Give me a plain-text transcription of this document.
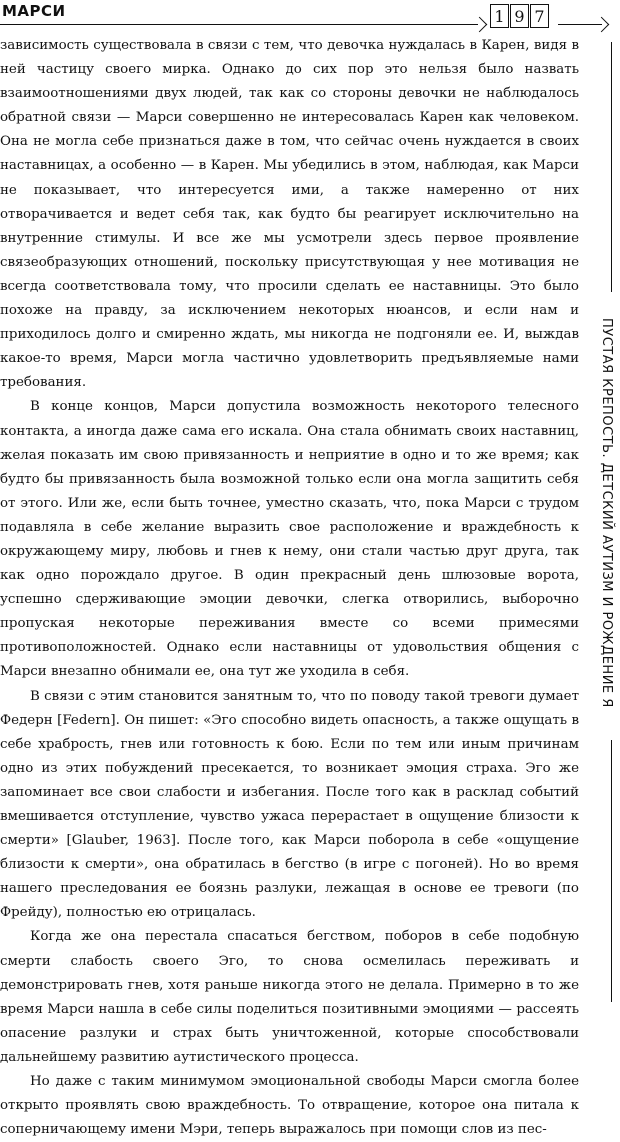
МАРСИ	1 9 7
ПУСТАЯ КРЕПОСТЬ. ДЕТСКИЙ АУТИЗМ И РОЖДЕНИЕ Я

зависимость существовала в связи с тем, что девочка нуждалась в Карен, видя в ней частицу своего мирка. Однако до сих пор это нельзя было назвать взаимоотношениями двух людей, так как со стороны девочки не наблюдалось обратной связи — Марси совершенно не интересовалась Карен как человеком. Она не могла себе признаться даже в том, что сейчас очень нуждается в своих наставницах, а особенно — в Карен. Мы убедились в этом, наблюдая, как Марси не показывает, что интересуется ими, а также намеренно от них отворачивается и ведет себя так, как будто бы реагирует исключительно на внутренние стимулы. И все же мы усмотрели здесь первое проявление связеобразующих отношений, поскольку присутствующая у нее мотивация не всегда соответствовала тому, что просили сделать ее наставницы. Это было похоже на правду, за исключением некоторых нюансов, и если нам и приходилось долго и смиренно ждать, мы никогда не подгоняли ее. И, выждав какое-то время, Марси могла частично удовлетворить предъявляемые нами требования.

В конце концов, Марси допустила возможность некоторого телесного контакта, а иногда даже сама его искала. Она стала обнимать своих наставниц, желая показать им свою привязанность и неприятие в одно и то же время; как будто бы привязанность была возможной только если она могла защитить себя от этого. Или же, если быть точнее, уместно сказать, что, пока Марси с трудом подавляла в себе желание выразить свое расположение и враждебность к окружающему миру, любовь и гнев к нему, они стали частью друг друга, так как одно порождало другое. В один прекрасный день шлюзовые ворота, успешно сдерживающие эмоции девочки, слегка отворились, выборочно пропуская некоторые переживания вместе со всеми примесями противоположностей. Однако если наставницы от удовольствия общения с Марси внезапно обнимали ее, она тут же уходила в себя.

В связи с этим становится занятным то, что по поводу такой тревоги думает Федерн [Federn]. Он пишет: «Эго способно видеть опасность, а также ощущать в себе храбрость, гнев или готовность к бою. Если по тем или иным причинам одно из этих побуждений пресекается, то возникает эмоция страха. Эго же запоминает все свои слабости и избегания. После того как в расклад событий вмешивается отступление, чувство ужаса перерастает в ощущение близости к смерти» [Glauber, 1963]. После того, как Марси поборола в себе «ощущение близости к смерти», она обратилась в бегство (в игре с погоней). Но во время нашего преследования ее боязнь разлуки, лежащая в основе ее тревоги (по Фрейду), полностью ею отрицалась.

Когда же она перестала спасаться бегством, поборов в себе подобную смерти слабость своего Эго, то снова осмелилась переживать и демонстрировать гнев, хотя раньше никогда этого не делала. Примерно в то же время Марси нашла в себе силы поделиться позитивными эмоциями — рассеять опасение разлуки и страх быть уничтоженной, которые способствовали дальнейшему развитию аутистического процесса.

Но даже с таким минимумом эмоциональной свободы Марси смогла более открыто проявлять свою враждебность. То отвращение, которое она питала к соперничающему имени Мэри, теперь выражалось при помощи слов из пес-
